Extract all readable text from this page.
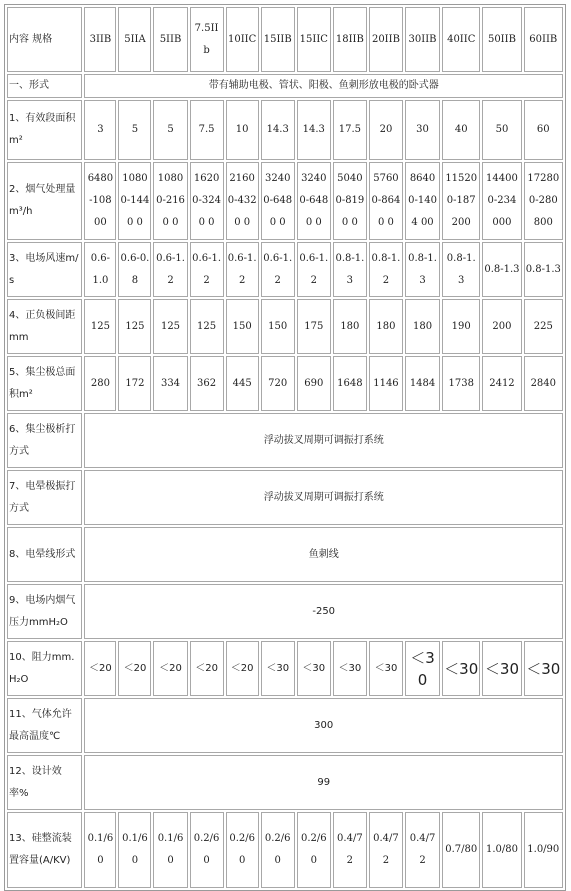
内容 规格	3IIB	5IIA	5IIB	7.5IIb	10IIC	15IIB	15IIC	18IIB	20IIB	30IIB	40IIC	50IIB	60IIB
一、形式	带有辅助电极、管状、阳极、鱼刺形放电极的卧式器												
1、有效段面积m²	3	5	5	7.5	10	14.3	14.3	17.5	20	30	40	50	60
2、烟气处理量m³/h	6480-10800	10800-1440 0	10800-2160 0	16200-3240 0	21600-4320 0	32400-6480 0	32400-6480 0	50400-8190 0	57600-8640 0	86400-1404 00	11520 0-187 200	14400 0-234 000	17280 0-280 800
3、电场风速m/s	0.6-1.0	0.6-0.8	0.6-1.2	0.6-1.2	0.6-1.2	0.6-1.2	0.6-1.2	0.8-1.3	0.8-1.2	0.8-1.3	0.8-1.3	0.8-1.3	0.8-1.3
4、正负极间距mm	125	125	125	125	150	150	175	180	180	180	190	200	225
5、集尘极总面积m²	280	172	334	362	445	720	690	1648	1146	1484	1738	2412	2840
6、集尘极析打方式	浮动拔叉周期可调振打系统												
7、电晕极振打方式	浮动拔叉周期可调振打系统												
8、电晕线形式	鱼刺线												
9、电场内烟气压力mmH₂O	-250												
10、阻力mm.H₂O	＜20	＜20	＜20	＜20	＜20	＜30	＜30	＜30	＜30	＜30	＜30	＜30	＜30
11、气体允许最高温度℃	300												
12、设计效率%	99												
13、硅整流装置容量(A/KV)	0.1/60	0.1/60	0.1/60	0.2/60	0.2/60	0.2/60	0.2/60	0.4/72	0.4/72	0.4/72	0.7/80	1.0/80	1.0/90
